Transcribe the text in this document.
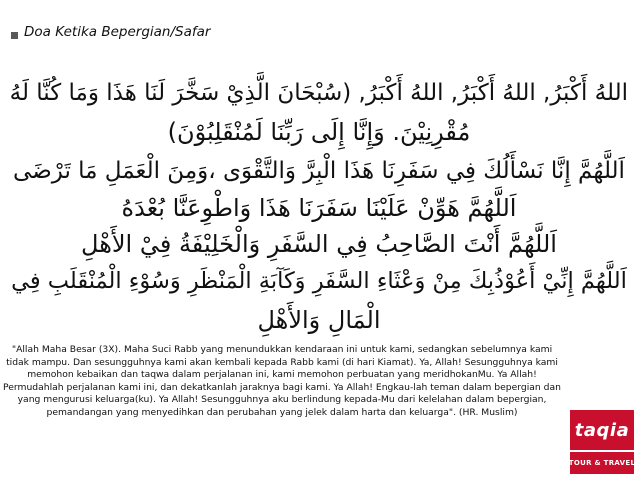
Doa Ketika Bepergian/Safar
اللهُ أَكْبَرُ, اللهُ أَكْبَرُ, اللهُ أَكْبَرُ, (سُبْحَانَ الَّذِيْ سَخَّرَ لَنَا هَذَا وَمَا كُنَّا لَهُ
مُقْرِنِيْنَ. وَإِنَّا إِلَى رَبِّنَا لَمُنْقَلِبُوْنَ)
اَللَّهُمَّ إِنَّا نَسْأَلُكَ فِي سَفَرِنَا هَذَا الْبِرَّ وَالتَّقْوَى ،وَمِنَ الْعَمَلِ مَا تَرْضَى
اَللَّهُمَّ هَوِّنْ عَلَيْنَا سَفَرَنَا هَذَا وَاطْوِعَنَّا بُعْدَهُ
اَللَّهُمَّ أَنْتَ الصَّاحِبُ فِي السَّفَرِ وَالْخَلِيْفَةُ فِيْ الأَهْلِ
اَللَّهُمَّ إِنِّيْ أَعُوْذُبِكَ مِنْ وَعْثَاءِ السَّفَرِ وَكَآبَةِ الْمَنْظَرِ وَسُوْءِ الْمُنْقَلَبِ فِي
الْمَالِ وَالأَهْلِ
"Allah Maha Besar (3X). Maha Suci Rabb yang menundukkan kendaraan ini untuk kami, sedangkan sebelumnya kami tidak mampu. Dan sesungguhnya kami akan kembali kepada Rabb kami (di hari Kiamat). Ya, Allah! Sesungguhnya kami memohon kebaikan dan taqwa dalam perjalanan ini, kami memohon perbuatan yang meridhokanMu. Ya Allah! Permudahlah perjalanan kami ini, dan dekatkanlah jaraknya bagi kami. Ya Allah! Engkau-lah teman dalam bepergian dan yang mengurusi keluarga(ku). Ya Allah! Sesungguhnya aku berlindung kepada-Mu dari kelelahan dalam bepergian, pemandangan yang menyedihkan dan perubahan yang jelek dalam harta dan keluarga". (HR. Muslim)
taqia
TOUR & TRAVEL
